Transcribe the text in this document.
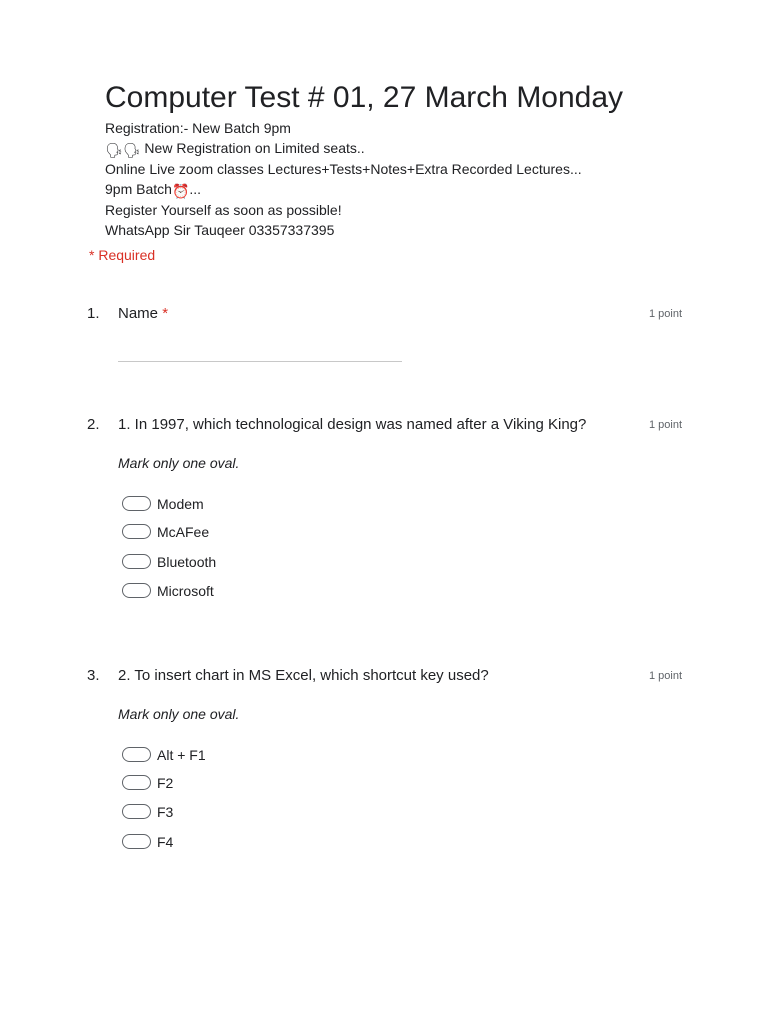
Computer Test # 01, 27 March Monday
Registration:- New Batch 9pm
🗣🗣 New Registration on Limited seats..
Online Live zoom classes Lectures+Tests+Notes+Extra Recorded Lectures...
9pm Batch⏰...
Register Yourself as soon as possible!
WhatsApp Sir Tauqeer 03357337395
* Required
1. Name *	1 point
2. 1. In 1997, which technological design was named after a Viking King?	1 point
Mark only one oval.
Modem
McAFee
Bluetooth
Microsoft
3. 2. To insert chart in MS Excel, which shortcut key used?	1 point
Mark only one oval.
Alt + F1
F2
F3
F4
